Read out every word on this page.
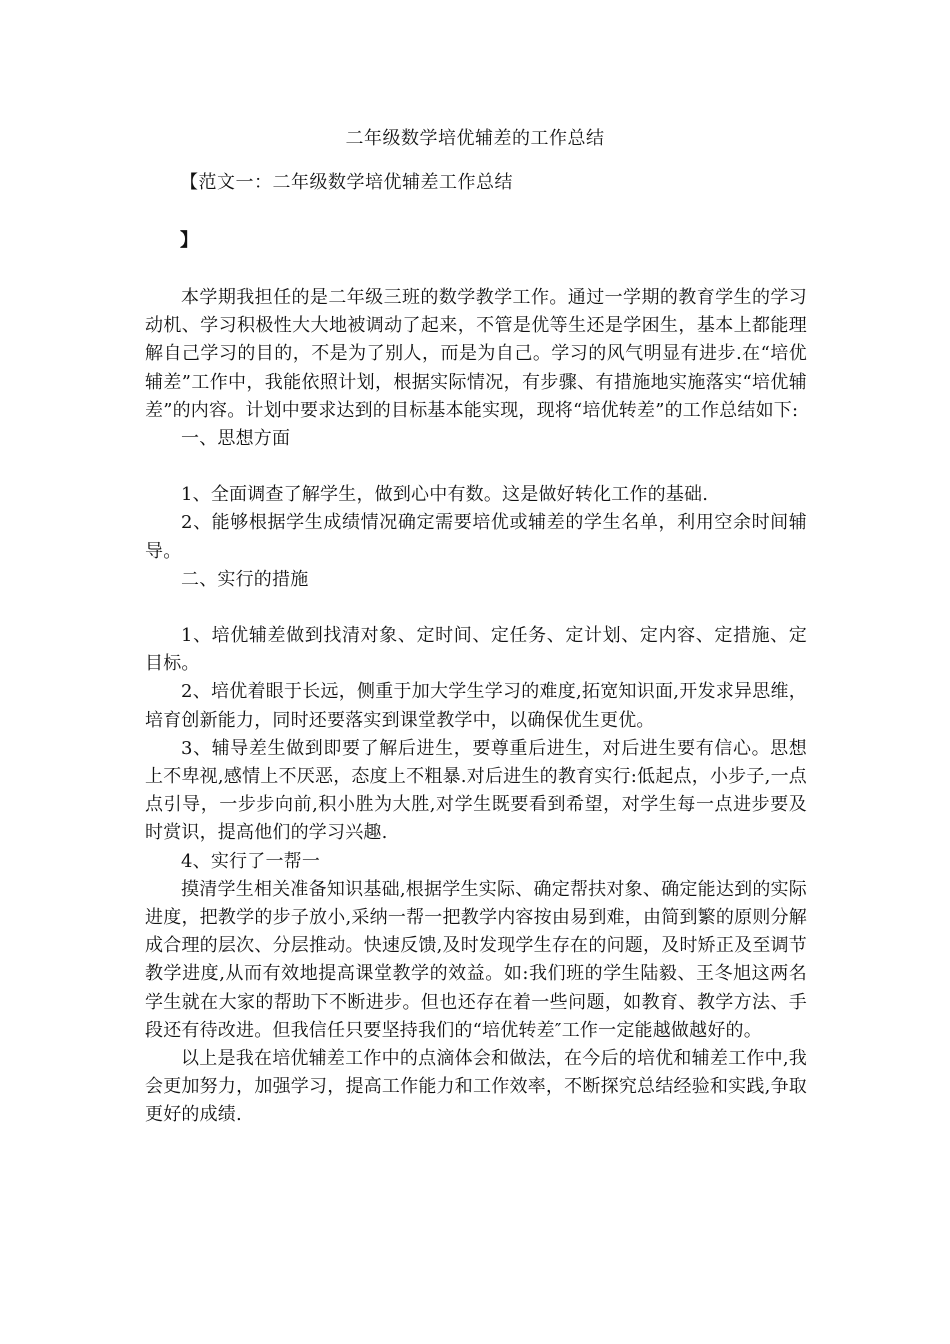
二年级数学培优辅差的工作总结
【范文一：二年级数学培优辅差工作总结
】

本学期我担任的是二年级三班的数学教学工作。通过一学期的教育学生的学习动机、学习积极性大大地被调动了起来，不管是优等生还是学困生，基本上都能理解自己学习的目的，不是为了别人，而是为自己。学习的风气明显有进步.在“培优辅差”工作中，我能依照计划，根据实际情况，有步骤、有措施地实施落实“培优辅差”的内容。计划中要求达到的目标基本能实现，现将“培优转差”的工作总结如下:

一、思想方面

1、全面调查了解学生，做到心中有数。这是做好转化工作的基础.

2、能够根据学生成绩情况确定需要培优或辅差的学生名单，利用空余时间辅导。

二、实行的措施

1、培优辅差做到找清对象、定时间、定任务、定计划、定内容、定措施、定目标。

2、培优着眼于长远，侧重于加大学生学习的难度,拓宽知识面,开发求异思维，培育创新能力，同时还要落实到课堂教学中，以确保优生更优。

3、辅导差生做到即要了解后进生，要尊重后进生，对后进生要有信心。思想上不卑视,感情上不厌恶，态度上不粗暴.对后进生的教育实行:低起点，小步子,一点点引导，一步步向前,积小胜为大胜,对学生既要看到希望，对学生每一点进步要及时赏识，提高他们的学习兴趣.

4、实行了一帮一

摸清学生相关准备知识基础,根据学生实际、确定帮扶对象、确定能达到的实际进度，把教学的步子放小,采纳一帮一把教学内容按由易到难，由简到繁的原则分解成合理的层次、分层推动。快速反馈,及时发现学生存在的问题，及时矫正及至调节教学进度,从而有效地提高课堂教学的效益。如:我们班的学生陆毅、王冬旭这两名学生就在大家的帮助下不断进步。但也还存在着一些问题，如教育、教学方法、手段还有待改进。但我信任只要坚持我们的“培优转差″工作一定能越做越好的。

以上是我在培优辅差工作中的点滴体会和做法，在今后的培优和辅差工作中,我会更加努力，加强学习，提高工作能力和工作效率，不断探究总结经验和实践,争取更好的成绩.
